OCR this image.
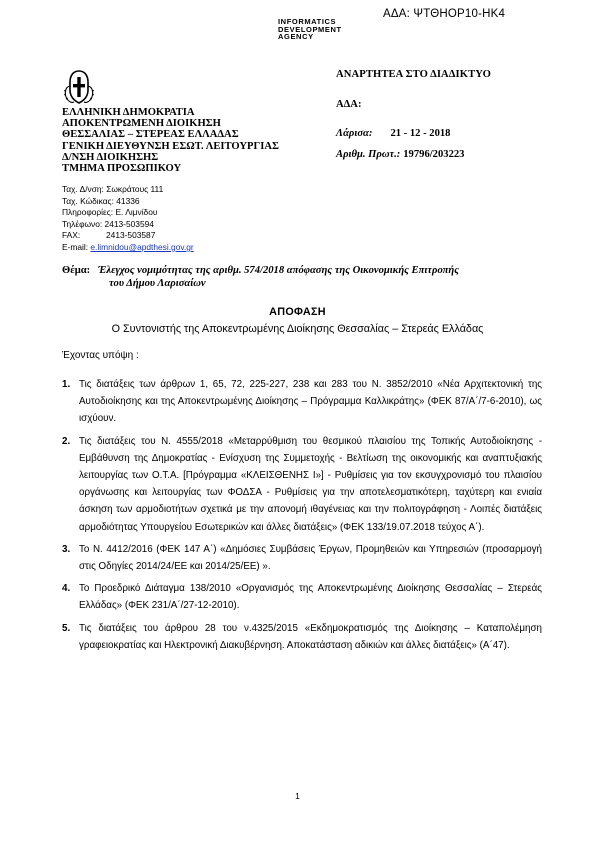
ΑΔΑ: ΨΤΘΗΟΡ10-ΗΚ4
INFORMATICS
DEVELOPMENT
AGENCY
ΕΛΛΗΝΙΚΗ ΔΗΜΟΚΡΑΤΙΑ
ΑΠΟΚΕΝΤΡΩΜΕΝΗ ΔΙΟΙΚΗΣΗ
ΘΕΣΣΑΛΙΑΣ – ΣΤΕΡΕΑΣ ΕΛΛΑΔΑΣ
ΓΕΝΙΚΗ ΔΙΕΥΘΥΝΣΗ ΕΣΩΤ. ΛΕΙΤΟΥΡΓΙΑΣ
Δ/ΝΣΗ ΔΙΟΙΚΗΣΗΣ
ΤΜΗΜΑ ΠΡΟΣΩΠΙΚΟΥ
Ταχ. Δ/νση: Σωκράτους 111
Ταχ. Κώδικας: 41336
Πληροφορίες: Ε. Λιμνίδου
Τηλέφωνο: 2413-503594
FAX:	2413-503587
E-mail: e.limnidou@apdthesi.gov.gr
ΑΝΑΡΤΗΤΕΑ ΣΤΟ ΔΙΑΔΙΚΤΥΟ
ΑΔΑ:
Λάρισα: 21 - 12 - 2018
Αριθμ. Πρωτ.: 19796/203223
Θέμα: Έλεγχος νομιμότητας της αριθμ. 574/2018 απόφασης της Οικονομικής Επιτροπής
του Δήμου Λαρισαίων
ΑΠΟΦΑΣΗ
Ο Συντονιστής της Αποκεντρωμένης Διοίκησης Θεσσαλίας – Στερεάς Ελλάδας
Έχοντας υπόψη :
1. Τις διατάξεις των άρθρων 1, 65, 72, 225-227, 238 και 283 του Ν. 3852/2010 «Νέα Αρχιτεκτονική της Αυτοδιοίκησης και της Αποκεντρωμένης Διοίκησης – Πρόγραμμα Καλλικράτης» (ΦΕΚ 87/Α΄/7-6-2010), ως ισχύουν.
2. Τις διατάξεις του Ν. 4555/2018 «Μεταρρύθμιση του θεσμικού πλαισίου της Τοπικής Αυτοδιοίκησης - Εμβάθυνση της Δημοκρατίας - Ενίσχυση της Συμμετοχής - Βελτίωση της οικονομικής και αναπτυξιακής λειτουργίας των Ο.Τ.Α. [Πρόγραμμα «ΚΛΕΙΣΘΕΝΗΣ Ι»] - Ρυθμίσεις για τον εκσυγχρονισμό του πλαισίου οργάνωσης και λειτουργίας των ΦΟΔΣΑ - Ρυθμίσεις για την αποτελεσματικότερη, ταχύτερη και ενιαία άσκηση των αρμοδιοτήτων σχετικά με την απονομή ιθαγένειας και την πολιτογράφηση - Λοιπές διατάξεις αρμοδιότητας Υπουργείου Εσωτερικών και άλλες διατάξεις» (ΦΕΚ 133/19.07.2018 τεύχος Α΄).
3. Το Ν. 4412/2016 (ΦΕΚ 147 Α΄) «Δημόσιες Συμβάσεις Έργων, Προμηθειών και Υπηρεσιών (προσαρμογή στις Οδηγίες 2014/24/ΕΕ και 2014/25/ΕΕ) ».
4. Το Προεδρικό Διάταγμα 138/2010 «Οργανισμός της Αποκεντρωμένης Διοίκησης Θεσσαλίας – Στερεάς Ελλάδας» (ΦΕΚ 231/Α΄/27-12-2010).
5. Τις διατάξεις του άρθρου 28 του ν.4325/2015 «Εκδημοκρατισμός της Διοίκησης – Καταπολέμηση γραφειοκρατίας και Ηλεκτρονική Διακυβέρνηση. Αποκατάσταση αδικιών και άλλες διατάξεις» (Α΄47).
1
